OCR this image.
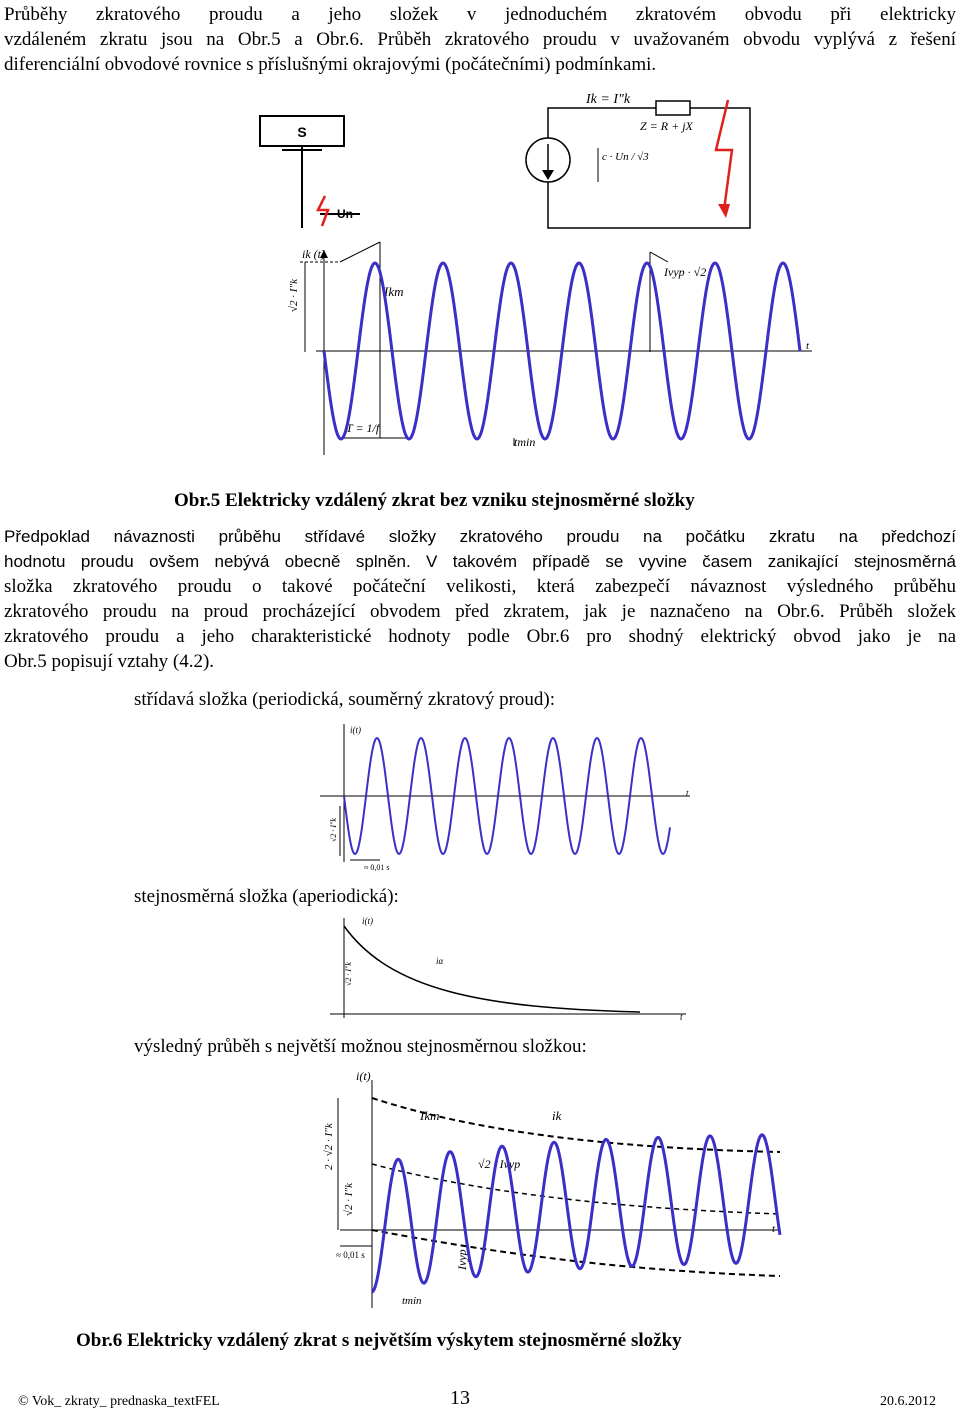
Průběhy zkratového proudu a jeho složek v jednoduchém zkratovém obvodu při elektricky
vzdáleném zkratu jsou na Obr.5 a Obr.6. Průběh zkratového proudu v uvažovaném obvodu vyplývá z řešení
diferenciální obvodové rovnice s příslušnými okrajovými (počátečními) podmínkami.
S
Un
Ik = I"k
Z = R + jX
c · Un / √3
ik (t)
t
√2 · I"k	Ikm
Ivyp · √2
T = 1/f
tmin
Obr.5 Elektricky vzdálený zkrat bez vzniku stejnosměrné složky
Předpoklad návaznosti průběhu střídavé složky zkratového proudu na počátku zkratu na předchozí
hodnotu proudu ovšem nebývá obecně splněn. V takovém případě se vyvine časem zanikající stejnosměrná
složka zkratového proudu o takové počáteční velikosti, která zabezpečí návaznost výsledného průběhu
zkratového proudu na proud procházející obvodem před zkratem, jak je naznačeno na Obr.6. Průběh složek
zkratového proudu a jeho charakteristické hodnoty podle Obr.6 pro shodný elektrický obvod jako je na
Obr.5 popisují vztahy (4.2).
střídavá složka (periodická, souměrný zkratový proud):
stejnosměrná složka (aperiodická):
výsledný průběh s největší možnou stejnosměrnou složkou:
i(t)
t
√2 · I"k
≈ 0,01 s
i(t)
iα
t
√2 · I"k
i(t)
2 · √2 · I"k
√2 · I"k
Ikm	ik
√2 · Ivyp
Ivyp
t
≈ 0,01 s
tmin
Obr.6 Elektricky vzdálený zkrat s největším výskytem stejnosměrné složky
© Vok_ zkraty_ prednaska_textFEL	13	20.6.2012
